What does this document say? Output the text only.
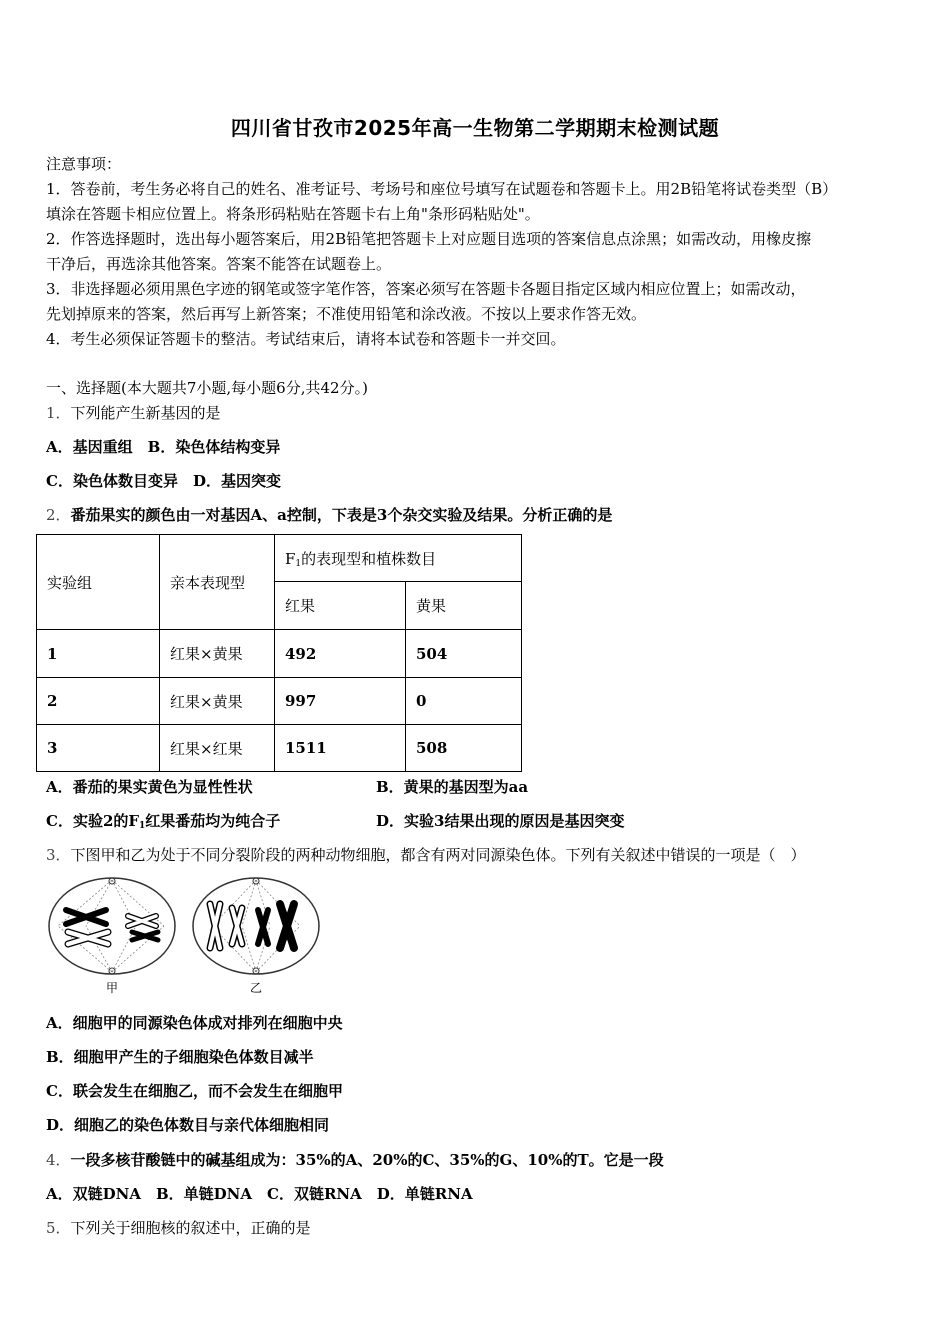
四川省甘孜市2025年高一生物第二学期期末检测试题
注意事项：
1．答卷前，考生务必将自己的姓名、准考证号、考场号和座位号填写在试题卷和答题卡上。用2B铅笔将试卷类型（B）
填涂在答题卡相应位置上。将条形码粘贴在答题卡右上角"条形码粘贴处"。
2．作答选择题时，选出每小题答案后，用2B铅笔把答题卡上对应题目选项的答案信息点涂黑；如需改动，用橡皮擦
干净后，再选涂其他答案。答案不能答在试题卷上。
3．非选择题必须用黑色字迹的钢笔或签字笔作答，答案必须写在答题卡各题目指定区域内相应位置上；如需改动，
先划掉原来的答案，然后再写上新答案；不准使用铅笔和涂改液。不按以上要求作答无效。
4．考生必须保证答题卡的整洁。考试结束后，请将本试卷和答题卡一并交回。
一、选择题(本大题共7小题,每小题6分,共42分。)
1．下列能产生新基因的是
A．基因重组　B．染色体结构变异
C．染色体数目变异　D．基因突变
2．番茄果实的颜色由一对基因A、a控制，下表是3个杂交实验及结果。分析正确的是
实验组	亲本表现型	$F_1$的表现型和植株数目	
		红果	黄果
1	红果×黄果	492	504
2	红果×黄果	997	0
3	红果×红果	1511	508
A．番茄的果实黄色为显性性状	B．黄果的基因型为aa
C．实验2的$F_1$红果番茄均为纯合子	D．实验3结果出现的原因是基因突变
3．下图甲和乙为处于不同分裂阶段的两种动物细胞，都含有两对同源染色体。下列有关叙述中错误的一项是（　）
甲	乙
A．细胞甲的同源染色体成对排列在细胞中央
B．细胞甲产生的子细胞染色体数目减半
C．联会发生在细胞乙，而不会发生在细胞甲
D．细胞乙的染色体数目与亲代体细胞相同
4．一段多核苷酸链中的碱基组成为：35%的A、20%的C、35%的G、10%的T。它是一段
A．双链DNA　B．单链DNA　C．双链RNA　D．单链RNA
5．下列关于细胞核的叙述中，正确的是
